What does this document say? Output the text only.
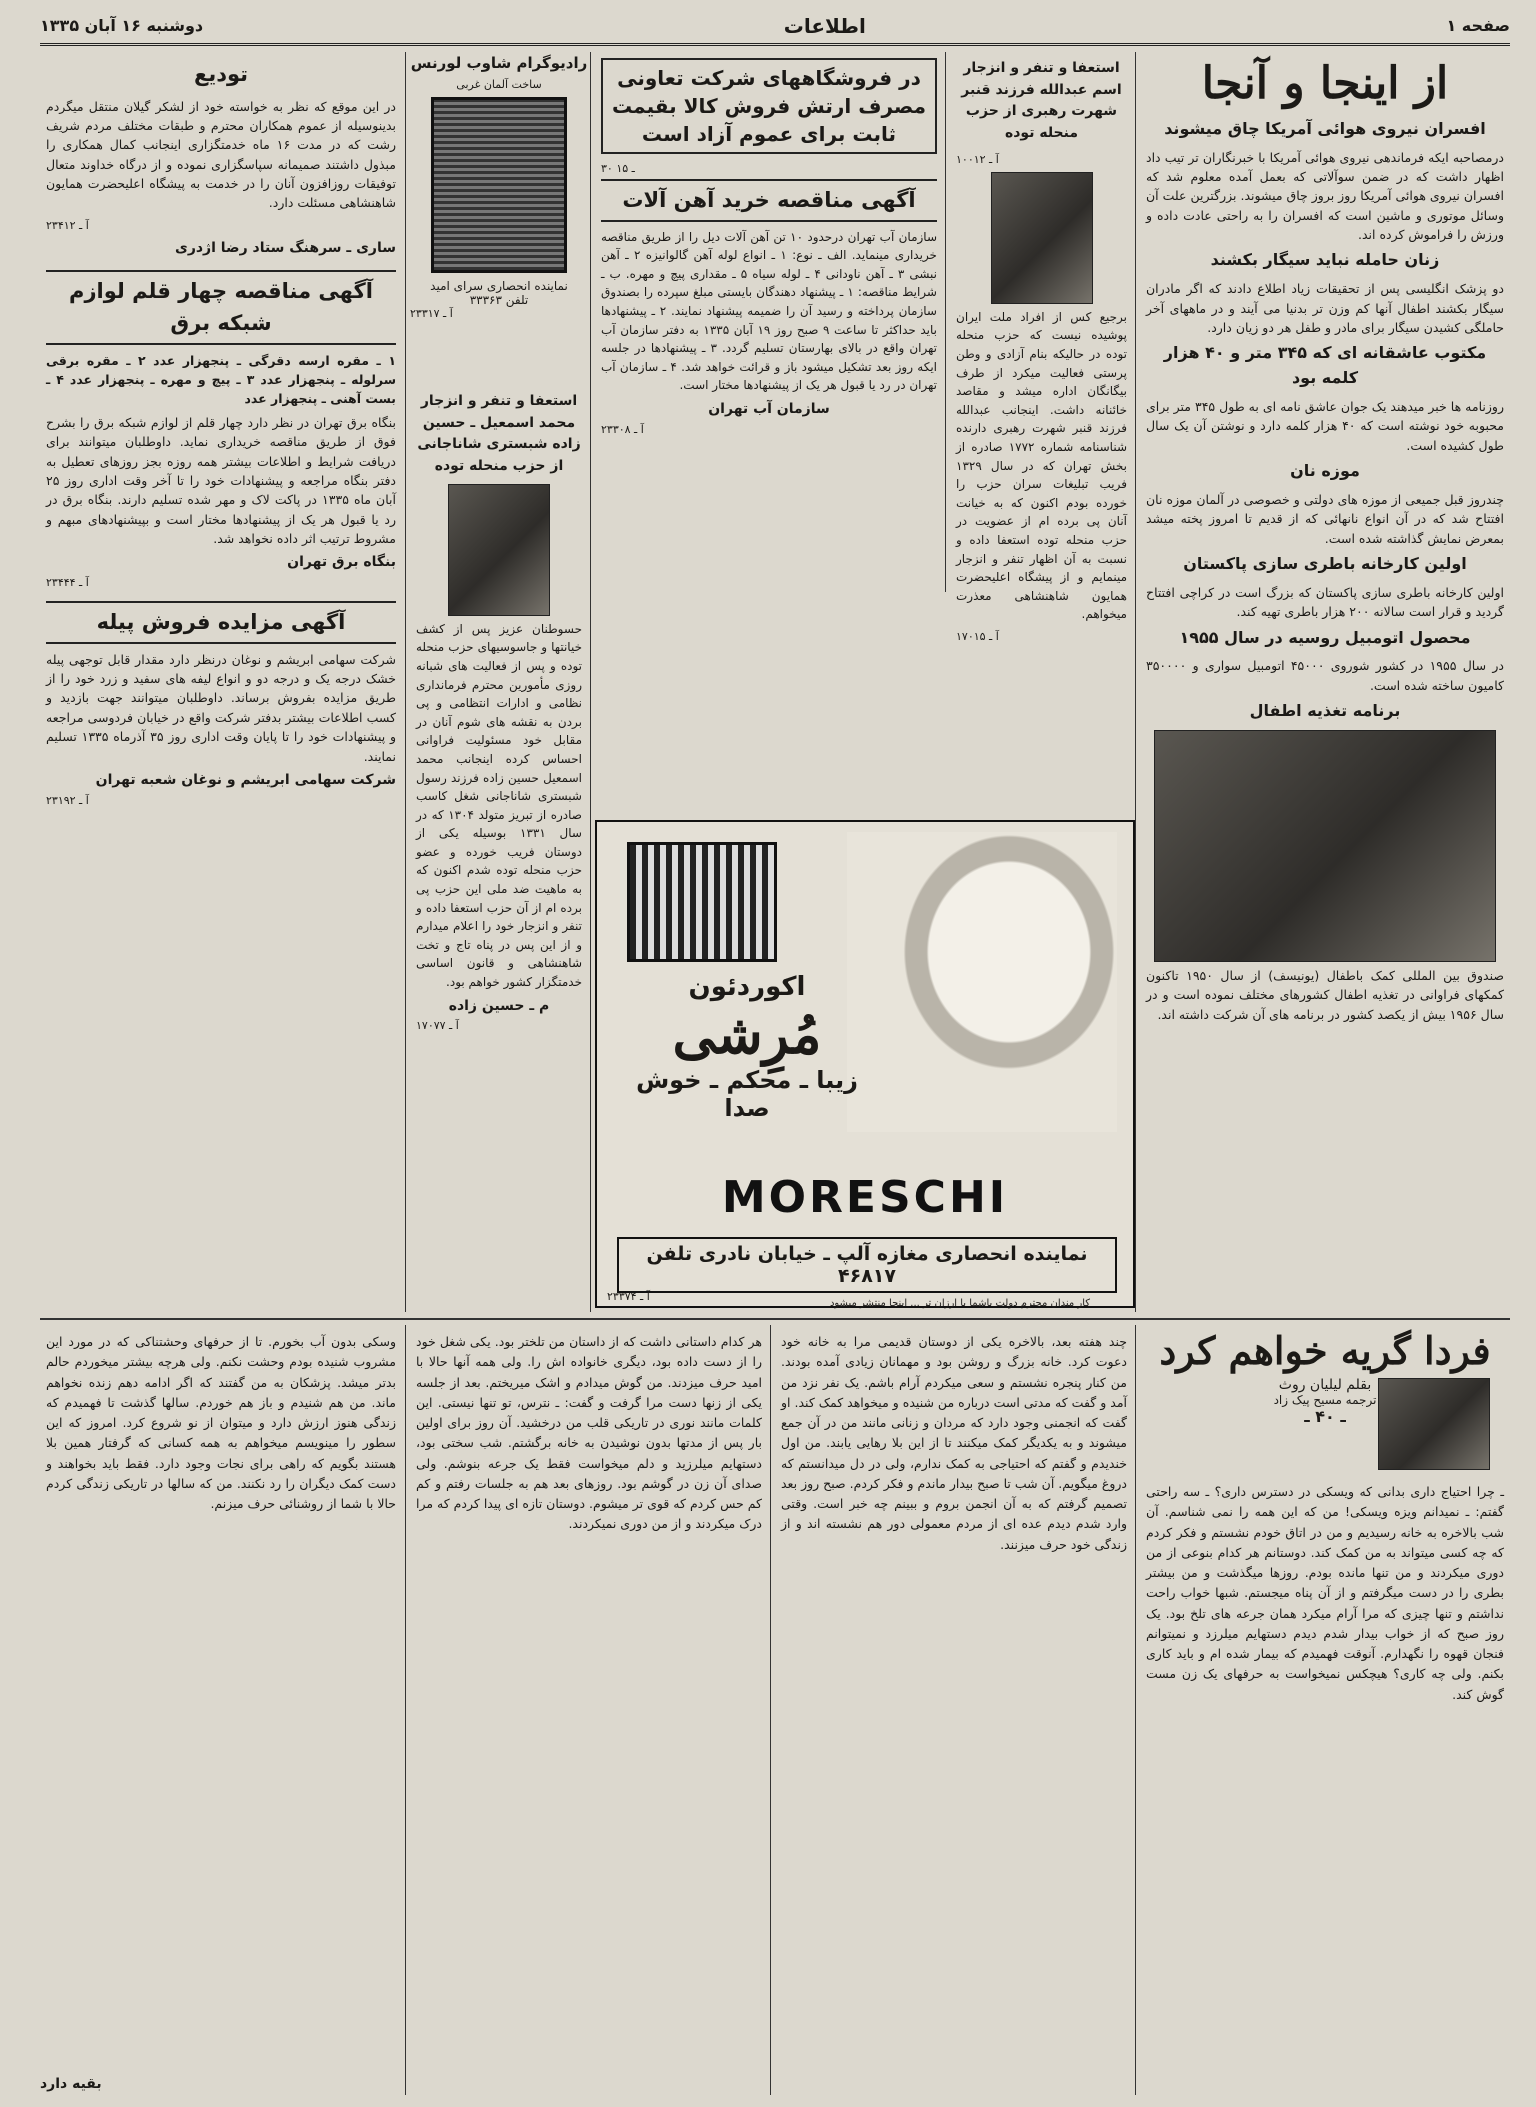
صفحه ۱
اطلاعات
دوشنبه ۱۶ آبان ۱۳۳۵
از اینجا و آنجا
افسران نیروی هوائی آمریکا چاق میشوند

درمصاحبه ایکه فرماندهی نیروی هوائی آمریکا با خبرنگاران تر تیب داد اظهار داشت که در ضمن سوآلاتی که بعمل آمده معلوم شد که افسران نیروی هوائی آمریکا روز بروز چاق میشوند. بزرگترین علت آن وسائل موتوری و ماشین است که افسران را به راحتی عادت داده و ورزش را فراموش کرده اند.

زنان حامله نباید سیگار بکشند

دو پزشک انگلیسی پس از تحقیقات زیاد اطلاع دادند که اگر مادران سیگار بکشند اطفال آنها کم وزن تر بدنیا می آیند و در ماههای آخر حاملگی کشیدن سیگار برای مادر و طفل هر دو زیان دارد.

مکتوب عاشقانه ای که ۳۴۵ متر و ۴۰ هزار کلمه بود

روزنامه ها خبر میدهند یک جوان عاشق نامه ای به طول ۳۴۵ متر برای محبوبه خود نوشته است که ۴۰ هزار کلمه دارد و نوشتن آن یک سال طول کشیده است.

موزه نان

چندروز قبل جمیعی از موزه های دولتی و خصوصی در آلمان موزه نان افتتاح شد که در آن انواع نانهائی که از قدیم تا امروز پخته میشد بمعرض نمایش گذاشته شده است.

اولین کارخانه باطری سازی پاکستان

اولین کارخانه باطری سازی پاکستان که بزرگ است در کراچی افتتاح گردید و قرار است سالانه ۲۰۰ هزار باطری تهیه کند.

محصول اتومبیل روسیه در سال ۱۹۵۵

در سال ۱۹۵۵ در کشور شوروی ۴۵۰۰۰ اتومبیل سواری و ۳۵۰۰۰۰ کامیون ساخته شده است.

برنامه تغذیه اطفال

صندوق بین المللی کمک باطفال (یونیسف) از سال ۱۹۵۰ تاکنون کمکهای فراوانی در تغذیه اطفال کشورهای مختلف نموده است و در سال ۱۹۵۶ بیش از یکصد کشور در برنامه های آن شرکت داشته اند.

استعفا و تنفر و انزجار اسم عبدالله فرزند قنبر شهرت رهبری از حزب منحله توده
آ ـ ۱۰۰۱۲

برجیع کس از افراد ملت ایران پوشیده نیست که حزب منحله توده در حالیکه بنام آزادی و وطن پرستی فعالیت میکرد از طرف بیگانگان اداره میشد و مقاصد خائنانه داشت. اینجانب عبدالله فرزند قنبر شهرت رهبری دارنده شناسنامه شماره ۱۷۷۲ صادره از بخش تهران که در سال ۱۳۲۹ فریب تبلیغات سران حزب را خورده بودم اکنون که به خیانت آنان پی برده ام از عضویت در حزب منحله توده استعفا داده و نسبت به آن اظهار تنفر و انزجار مینمایم و از پیشگاه اعلیحضرت همایون شاهنشاهی معذرت میخواهم.

آ ـ ۱۷۰۱۵
در فروشگاههای شرکت تعاونی مصرف ارتش فروش کالا بقیمت ثابت برای عموم آزاد است
۳۰ ـ ۱۵
آگهی مناقصه خرید آهن آلات

سازمان آب تهران درحدود ۱۰ تن آهن آلات دیل را از طریق مناقصه خریداری مینماید. الف ـ نوع: ۱ ـ انواع لوله آهن گالوانیزه ۲ ـ آهن نبشی ۳ ـ آهن ناودانی ۴ ـ لوله سیاه ۵ ـ مقداری پیچ و مهره. ب ـ شرایط مناقصه: ۱ ـ پیشنهاد دهندگان بایستی مبلغ سپرده را بصندوق سازمان پرداخته و رسید آن را ضمیمه پیشنهاد نمایند. ۲ ـ پیشنهادها باید حداکثر تا ساعت ۹ صبح روز ۱۹ آبان ۱۳۳۵ به دفتر سازمان آب تهران واقع در بالای بهارستان تسلیم گردد. ۳ ـ پیشنهادها در جلسه ایکه روز بعد تشکیل میشود باز و قرائت خواهد شد. ۴ ـ سازمان آب تهران در رد یا قبول هر یک از پیشنهادها مختار است.

سازمان آب تهران
آ ـ ۲۳۳۰۸
رادیوگرام شاوب لورنس
ساخت آلمان غربی
نماینده انحصاری سرای امید
تلفن ۳۳۳۶۳
آ ـ ۲۳۳۱۷
استعفا و تنفر و انزجار محمد اسمعیل ـ حسین زاده شبستری شاناجانی از حزب منحله توده

حسوطنان عزیز پس از کشف خیانتها و جاسوسیهای حزب منحله توده و پس از فعالیت های شبانه روزی مأمورین محترم فرمانداری نظامی و ادارات انتظامی و پی بردن به نقشه های شوم آنان در مقابل خود مسئولیت فراوانی احساس کرده اینجانب محمد اسمعیل حسین زاده فرزند رسول شبستری شاناجانی شغل کاسب صادره از تبریز متولد ۱۳۰۴ که در سال ۱۳۳۱ بوسیله یکی از دوستان فریب خورده و عضو حزب منحله توده شدم اکنون که به ماهیت ضد ملی این حزب پی برده ام از آن حزب استعفا داده و تنفر و انزجار خود را اعلام میدارم و از این پس در پناه تاج و تخت شاهنشاهی و قانون اساسی خدمتگزار کشور خواهم بود.

م ـ حسین زاده
آ ـ ۱۷۰۷۷
تودیع

در این موقع که نظر به خواسته خود از لشکر گیلان منتقل میگردم بدینوسیله از عموم همکاران محترم و طبقات مختلف مردم شریف رشت که در مدت ۱۶ ماه خدمتگزاری اینجانب کمال همکاری را مبذول داشتند صمیمانه سپاسگزاری نموده و از درگاه خداوند متعال توفیقات روزافزون آنان را در خدمت به پیشگاه اعلیحضرت همایون شاهنشاهی مسئلت دارد.

آ ـ ۲۳۴۱۲
ساری ـ سرهنگ ستاد رضا اژدری
آگهی مناقصه چهار قلم لوازم شبکه برق

۱ ـ مقره ارسه دقرگی ـ پنجهزار عدد ۲ ـ مقره برقی سرلوله ـ پنجهزار عدد ۳ ـ پیچ و مهره ـ پنجهزار عدد ۴ ـ بست آهنی ـ پنجهزار عدد

بنگاه برق تهران در نظر دارد چهار قلم از لوازم شبکه برق را بشرح فوق از طریق مناقصه خریداری نماید. داوطلبان میتوانند برای دریافت شرایط و اطلاعات بیشتر همه روزه بجز روزهای تعطیل به دفتر بنگاه مراجعه و پیشنهادات خود را تا آخر وقت اداری روز ۲۵ آبان ماه ۱۳۳۵ در پاکت لاک و مهر شده تسلیم دارند. بنگاه برق در رد یا قبول هر یک از پیشنهادها مختار است و بپیشنهادهای مبهم و مشروط ترتیب اثر داده نخواهد شد.

بنگاه برق تهران
آ ـ ۲۳۴۴۴
آگهی مزایده فروش پیله

شرکت سهامی ابریشم و نوغان درنظر دارد مقدار قابل توجهی پیله خشک درجه یک و درجه دو و انواع لیفه های سفید و زرد خود را از طریق مزایده بفروش برساند. داوطلبان میتوانند جهت بازدید و کسب اطلاعات بیشتر بدفتر شرکت واقع در خیابان فردوسی مراجعه و پیشنهادات خود را تا پایان وقت اداری روز ۳۵ آذرماه ۱۳۳۵ تسلیم نمایند.

شرکت سهامی ابریشم و نوغان شعبه تهران
آ ـ ۲۳۱۹۲
اکوردئون
مُرِشی
زیبا ـ محکم ـ خوش صدا
MORESCHI
نماینده انحصاری مغازه آلپ ـ خیابان نادری تلفن ۴۶۸۱۷
آ ـ ۲۳۳۷۴
کار مندان محترم دولت باشما با ارزان تر ... اینجا منتشر میشود
فردا گریه خواهم کرد
بقلم لیلیان روث
ترجمه مسیح پیک زاد
ـ ۴۰ ـ
ـ چرا احتیاج داری بدانی که ویسکی در دسترس داری؟ ـ سه راحتی گفتم: ـ نمیدانم ویزه ویسکی! من که این همه را نمی شناسم. آن شب بالاخره به خانه رسیدیم و من در اتاق خودم نشستم و فکر کردم که چه کسی میتواند به من کمک کند. دوستانم هر کدام بنوعی از من دوری میکردند و من تنها مانده بودم. روزها میگذشت و من بیشتر بطری را در دست میگرفتم و از آن پناه میجستم. شبها خواب راحت نداشتم و تنها چیزی که مرا آرام میکرد همان جرعه های تلخ بود. یک روز صبح که از خواب بیدار شدم دیدم دستهایم میلرزد و نمیتوانم فنجان قهوه را نگهدارم. آنوقت فهمیدم که بیمار شده ام و باید کاری بکنم. ولی چه کاری؟ هیچکس نمیخواست به حرفهای یک زن مست گوش کند.
چند هفته بعد، بالاخره یکی از دوستان قدیمی مرا به خانه خود دعوت کرد. خانه بزرگ و روشن بود و مهمانان زیادی آمده بودند. من کنار پنجره نشستم و سعی میکردم آرام باشم. یک نفر نزد من آمد و گفت که مدتی است درباره من شنیده و میخواهد کمک کند. او گفت که انجمنی وجود دارد که مردان و زنانی مانند من در آن جمع میشوند و به یکدیگر کمک میکنند تا از این بلا رهایی یابند. من اول خندیدم و گفتم که احتیاجی به کمک ندارم، ولی در دل میدانستم که دروغ میگویم. آن شب تا صبح بیدار ماندم و فکر کردم. صبح روز بعد تصمیم گرفتم که به آن انجمن بروم و ببینم چه خبر است. وقتی وارد شدم دیدم عده ای از مردم معمولی دور هم نشسته اند و از زندگی خود حرف میزنند.
هر کدام داستانی داشت که از داستان من تلختر بود. یکی شغل خود را از دست داده بود، دیگری خانواده اش را. ولی همه آنها حالا با امید حرف میزدند. من گوش میدادم و اشک میریختم. بعد از جلسه یکی از زنها دست مرا گرفت و گفت: ـ نترس، تو تنها نیستی. این کلمات مانند نوری در تاریکی قلب من درخشید. آن روز برای اولین بار پس از مدتها بدون نوشیدن به خانه برگشتم. شب سختی بود، دستهایم میلرزید و دلم میخواست فقط یک جرعه بنوشم. ولی صدای آن زن در گوشم بود. روزهای بعد هم به جلسات رفتم و کم کم حس کردم که قوی تر میشوم. دوستان تازه ای پیدا کردم که مرا درک میکردند و از من دوری نمیکردند.
وسکی بدون آب بخورم. تا از حرفهای وحشتناکی که در مورد این مشروب شنیده بودم وحشت نکنم. ولی هرچه بیشتر میخوردم حالم بدتر میشد. پزشکان به من گفتند که اگر ادامه دهم زنده نخواهم ماند. من هم شنیدم و باز هم خوردم. سالها گذشت تا فهمیدم که زندگی هنوز ارزش دارد و میتوان از نو شروع کرد. امروز که این سطور را مینویسم میخواهم به همه کسانی که گرفتار همین بلا هستند بگویم که راهی برای نجات وجود دارد. فقط باید بخواهند و دست کمک دیگران را رد نکنند. من که سالها در تاریکی زندگی کردم حالا با شما از روشنائی حرف میزنم.
بقیه دارد
